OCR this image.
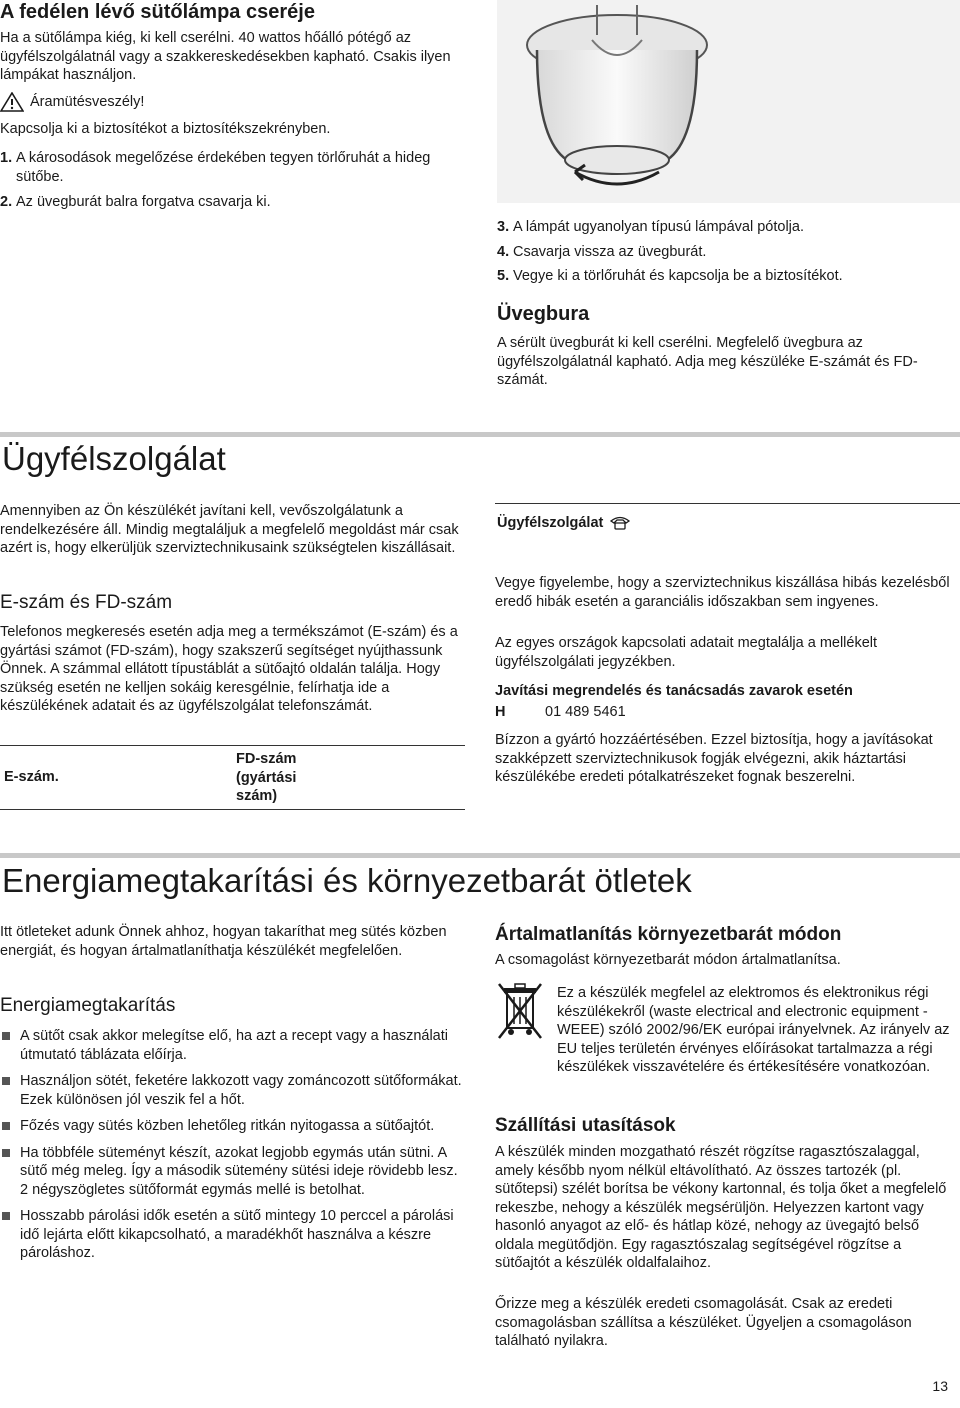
A fedélen lévő sütőlámpa cseréje
Ha a sütőlámpa kiég, ki kell cserélni. 40 wattos hőálló pótégő az ügyfélszolgálatnál vagy a szakkereskedésekben kapható. Csakis ilyen lámpákat használjon.
Áramütésveszély!
Kapcsolja ki a biztosítékot a biztosítékszekrényben.
1. A károsodások megelőzése érdekében tegyen törlőruhát a hideg sütőbe.
2. Az üvegburát balra forgatva csavarja ki.
3. A lámpát ugyanolyan típusú lámpával pótolja.
4. Csavarja vissza az üvegburát.
5. Vegye ki a törlőruhát és kapcsolja be a biztosítékot.
Üvegbura
A sérült üvegburát ki kell cserélni. Megfelelő üvegbura az ügyfélszolgálatnál kapható. Adja meg készüléke E-számát és FD-számát.
Ügyfélszolgálat
Amennyiben az Ön készülékét javítani kell, vevőszolgálatunk a rendelkezésére áll. Mindig megtaláljuk a megfelelő megoldást már csak azért is, hogy elkerüljük szerviztechnikusaink szükségtelen kiszállásait.
E-szám és FD-szám
Telefonos megkeresés esetén adja meg a termékszámot (E-szám) és a gyártási számot (FD-szám), hogy szakszerű segítséget nyújthassunk Önnek. A számmal ellátott típustáblát a sütőajtó oldalán találja. Hogy szükség esetén ne kelljen sokáig keresgélnie, felírhatja ide a készülékének adatait és az ügyfélszolgálat telefonszámát.
E-szám.
FD-szám (gyártási szám)
Ügyfélszolgálat
Vegye figyelembe, hogy a szerviztechnikus kiszállása hibás kezelésből eredő hibák esetén a garanciális időszakban sem ingyenes.
Az egyes országok kapcsolati adatait megtalálja a mellékelt ügyfélszolgálati jegyzékben.
Javítási megrendelés és tanácsadás zavarok esetén
H	01 489 5461
Bízzon a gyártó hozzáértésében. Ezzel biztosítja, hogy a javításokat szakképzett szerviztechnikusok fogják elvégezni, akik háztartási készülékébe eredeti pótalkatrészeket fognak beszerelni.
Energiamegtakarítási és környezetbarát ötletek
Itt ötleteket adunk Önnek ahhoz, hogyan takaríthat meg sütés közben energiát, és hogyan ártalmatlaníthatja készülékét megfelelően.
Energiamegtakarítás
A sütőt csak akkor melegítse elő, ha azt a recept vagy a használati útmutató táblázata előírja.
Használjon sötét, feketére lakkozott vagy zománcozott sütőformákat. Ezek különösen jól veszik fel a hőt.
Főzés vagy sütés közben lehetőleg ritkán nyitogassa a sütőajtót.
Ha többféle süteményt készít, azokat legjobb egymás után sütni. A sütő még meleg. Így a második sütemény sütési ideje rövidebb lesz. 2 négyszögletes sütőformát egymás mellé is betolhat.
Hosszabb párolási idők esetén a sütő mintegy 10 perccel a párolási idő lejárta előtt kikapcsolható, a maradékhőt használva a készre pároláshoz.
Ártalmatlanítás környezetbarát módon
A csomagolást környezetbarát módon ártalmatlanítsa.
Ez a készülék megfelel az elektromos és elektronikus régi készülékekről (waste electrical and electronic equipment - WEEE) szóló 2002/96/EK európai irányelvnek. Az irányelv az EU teljes területén érvényes előírásokat tartalmazza a régi készülékek visszavételére és értékesítésére vonatkozóan.
Szállítási utasítások
A készülék minden mozgatható részét rögzítse ragasztószalaggal, amely később nyom nélkül eltávolítható. Az összes tartozék (pl. sütőtepsi) szélét borítsa be vékony kartonnal, és tolja őket a megfelelő rekeszbe, nehogy a készülék megsérüljön. Helyezzen kartont vagy hasonló anyagot az elő- és hátlap közé, nehogy az üvegajtó belső oldala megütődjön. Egy ragasztószalag segítségével rögzítse a sütőajtót a készülék oldalfalaihoz.
Őrizze meg a készülék eredeti csomagolását. Csak az eredeti csomagolásban szállítsa a készüléket. Ügyeljen a csomagoláson található nyilakra.
13
